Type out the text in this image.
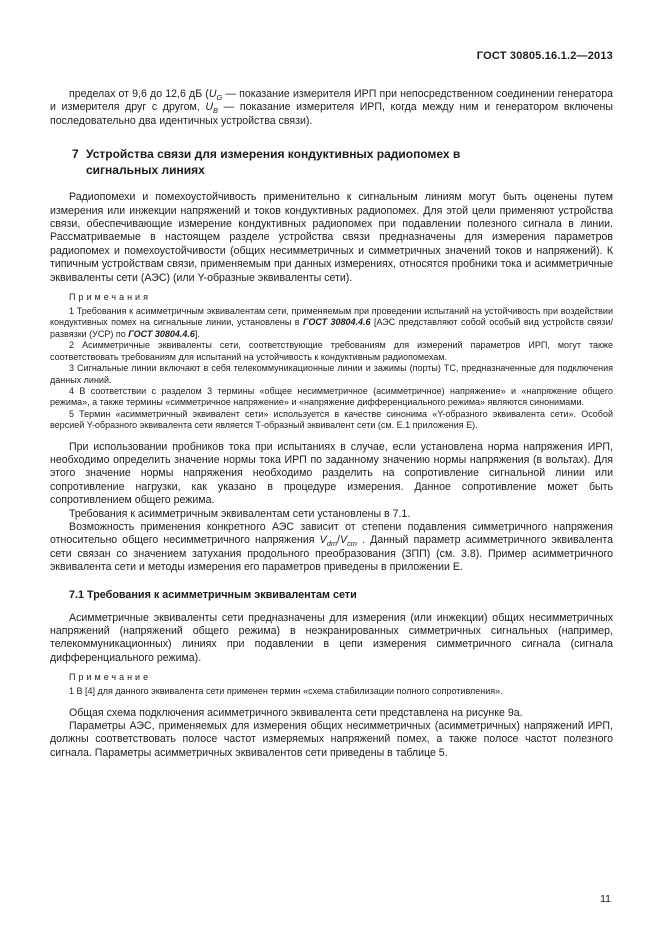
ГОСТ 30805.16.1.2—2013

пределах от 9,6 до 12,6 дБ ($U_G$ — показание измерителя ИРП при непосредственном соединении генератора и измерителя друг с другом, $U_B$ — показание измерителя ИРП, когда между ним и генератором включены последовательно два идентичных устройства связи).

7 Устройства связи для измерения кондуктивных радиопомех в сигнальных линиях

Радиопомехи и помехоустойчивость применительно к сигнальным линиям могут быть оценены путем измерения или инжекции напряжений и токов кондуктивных радиопомех. Для этой цели применяют устройства связи, обеспечивающие измерение кондуктивных радиопомех при подавлении полезного сигнала в линии. Рассматриваемые в настоящем разделе устройства связи предназначены для измерения параметров радиопомех и помехоустойчивости (общих несимметричных и симметричных значений токов и напряжений). К типичным устройствам связи, применяемым при данных измерениях, относятся пробники тока и асимметричные эквиваленты сети (АЭС) (или Y-образные эквиваленты сети).

Примечания

1 Требования к асимметричным эквивалентам сети, применяемым при проведении испытаний на устойчивость при воздействии кондуктивных помех на сигнальные линии, установлены в ГОСТ 30804.4.6 [АЭС представляют собой особый вид устройств связи/развязки (УСР) по ГОСТ 30804.4.6].

2 Асимметричные эквиваленты сети, соответствующие требованиям для измерений параметров ИРП, могут также соответствовать требованиям для испытаний на устойчивость к кондуктивным радиопомехам.

3 Сигнальные линии включают в себя телекоммуникационные линии и зажимы (порты) ТС, предназначенные для подключения данных линий.

4 В соответствии с разделом 3 термины «общее несимметричное (асимметричное) напряжение» и «напряжение общего режима», а также термины «симметричное напряжение» и «напряжение дифференциального режима» являются синонимами.

5 Термин «асимметричный эквивалент сети» используется в качестве синонима «Y-образного эквивалента сети». Особой версией Y-образного эквивалента сети является Т-образный эквивалент сети (см. Е.1 приложения Е).

При использовании пробников тока при испытаниях в случае, если установлена норма напряжения ИРП, необходимо определить значение нормы тока ИРП по заданному значению нормы напряжения (в вольтах). Для этого значение нормы напряжения необходимо разделить на сопротивление сигнальной линии или сопротивление нагрузки, как указано в процедуре измерения. Данное сопротивление может быть сопротивлением общего режима.

Требования к асимметричным эквивалентам сети установлены в 7.1.

Возможность применения конкретного АЭС зависит от степени подавления симметричного напряжения относительно общего несимметричного напряжения $V_{dm}/V_{cm}$ . Данный параметр асимметричного эквивалента сети связан со значением затухания продольного преобразования (ЗПП) (см. 3.8). Пример асимметричного эквивалента сети и методы измерения его параметров приведены в приложении Е.

7.1 Требования к асимметричным эквивалентам сети

Асимметричные эквиваленты сети предназначены для измерения (или инжекции) общих несимметричных напряжений (напряжений общего режима) в неэкранированных симметричных сигнальных (например, телекоммуникационных) линиях при подавлении в цепи измерения симметричного сигнала (сигнала дифференциального режима).

Примечание

1 В [4] для данного эквивалента сети применен термин «схема стабилизации полного сопротивления».

Общая схема подключения асимметричного эквивалента сети представлена на рисунке 9а.

Параметры АЭС, применяемых для измерения общих несимметричных (асимметричных) напряжений ИРП, должны соответствовать полосе частот измеряемых напряжений помех, а также полосе частот полезного сигнала. Параметры асимметричных эквивалентов сети приведены в таблице 5.

11
